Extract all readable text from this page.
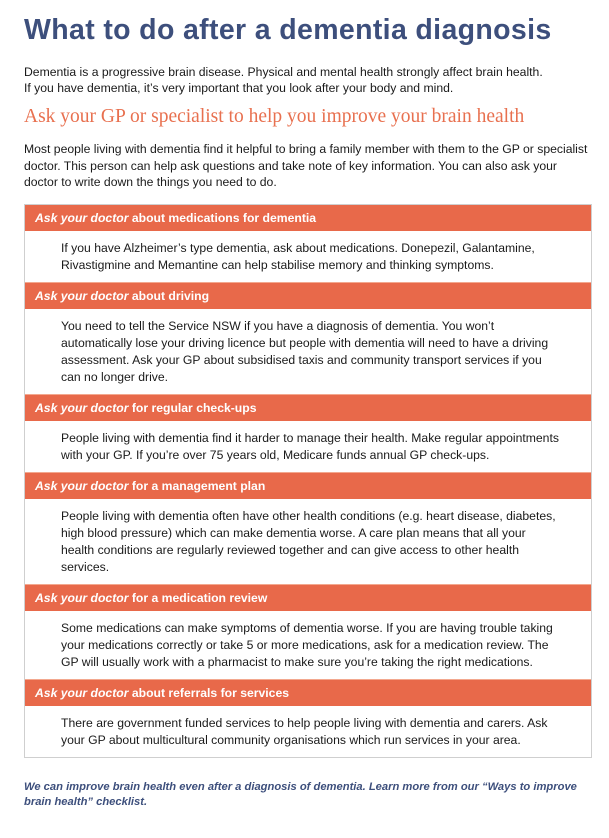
What to do after a dementia diagnosis
Dementia is a progressive brain disease. Physical and mental health strongly affect brain health.
If you have dementia, it’s very important that you look after your body and mind.
Ask your GP or specialist to help you improve your brain health
Most people living with dementia find it helpful to bring a family member with them to the GP or specialist doctor. This person can help ask questions and take note of key information. You can also ask your doctor to write down the things you need to do.
Ask your doctor about medications for dementia
If you have Alzheimer’s type dementia, ask about medications. Donepezil, Galantamine, Rivastigmine and Memantine can help stabilise memory and thinking symptoms.
Ask your doctor about driving
You need to tell the Service NSW if you have a diagnosis of dementia. You won’t automatically lose your driving licence but people with dementia will need to have a driving assessment. Ask your GP about subsidised taxis and community transport services if you can no longer drive.
Ask your doctor for regular check-ups
People living with dementia find it harder to manage their health. Make regular appointments with your GP. If you’re over 75 years old, Medicare funds annual GP check-ups.
Ask your doctor for a management plan
People living with dementia often have other health conditions (e.g. heart disease, diabetes, high blood pressure) which can make dementia worse. A care plan means that all your health conditions are regularly reviewed together and can give access to other health services.
Ask your doctor for a medication review
Some medications can make symptoms of dementia worse. If you are having trouble taking your medications correctly or take 5 or more medications, ask for a medication review. The GP will usually work with a pharmacist to make sure you’re taking the right medications.
Ask your doctor about referrals for services
There are government funded services to help people living with dementia and carers. Ask your GP about multicultural community organisations which run services in your area.
We can improve brain health even after a diagnosis of dementia. Learn more from our “Ways to improve brain health” checklist.
